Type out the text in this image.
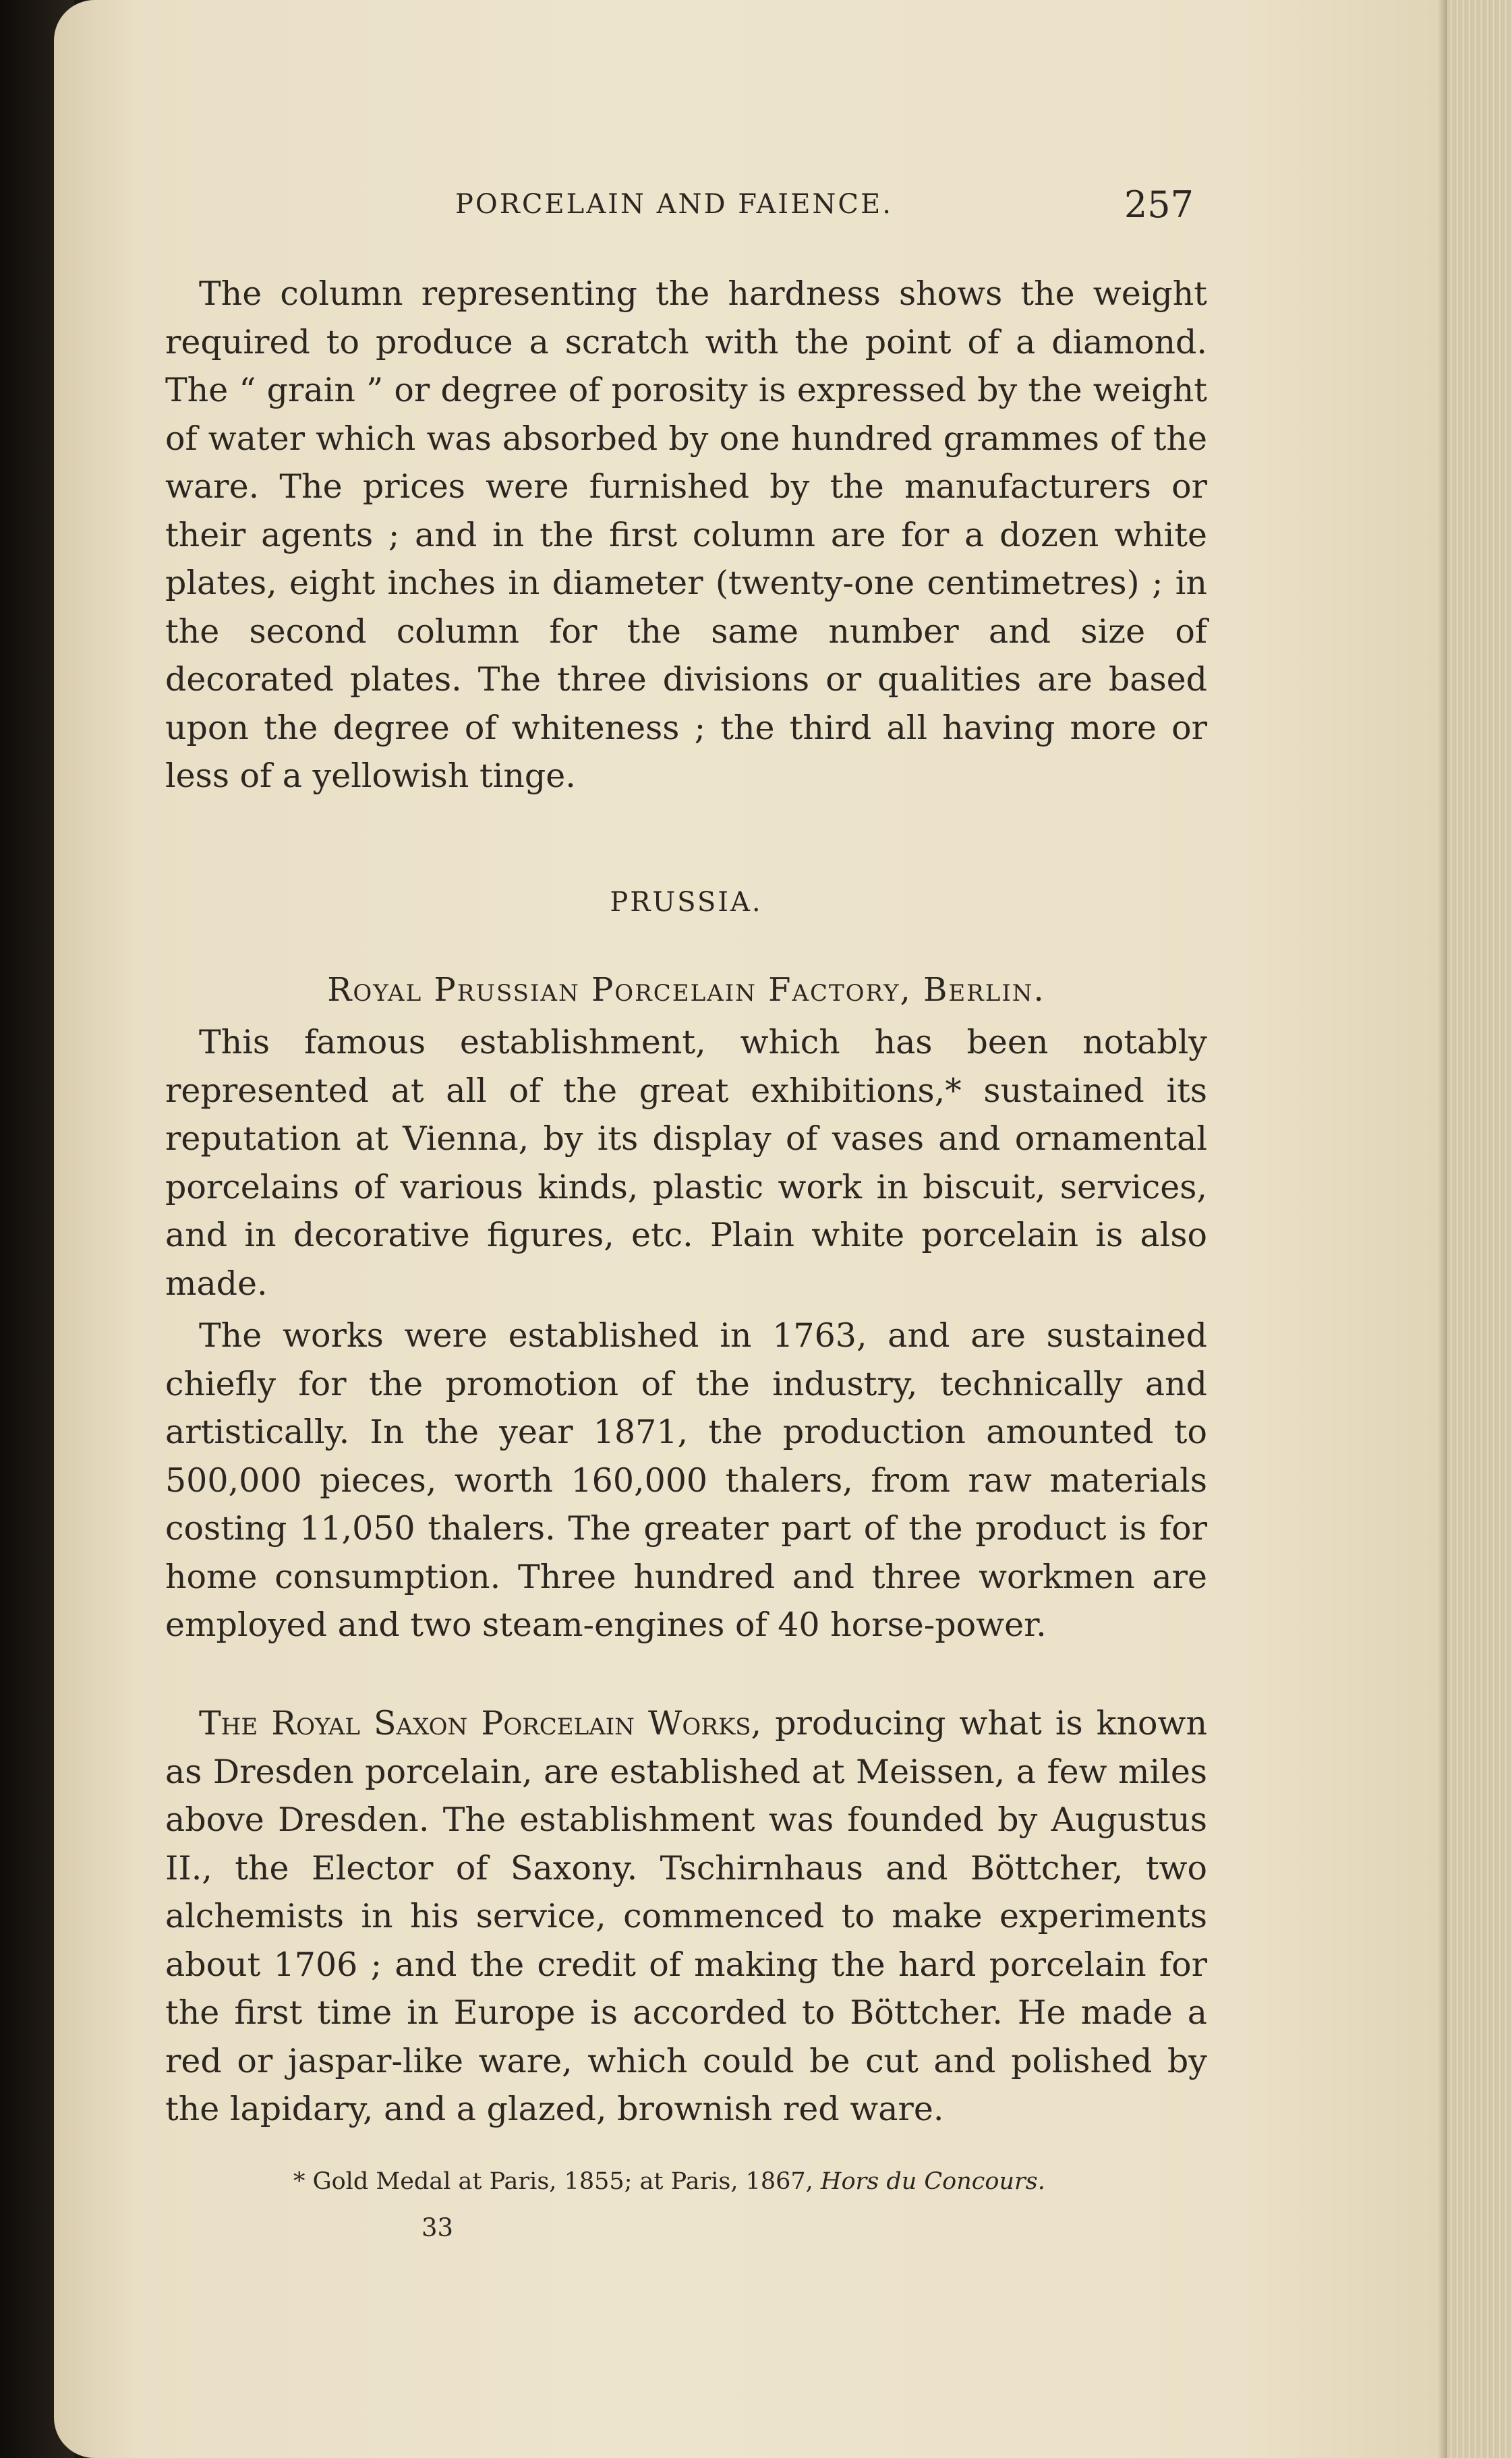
PORCELAIN AND FAIENCE.	257

The column representing the hardness shows the weight required to produce a scratch with the point of a diamond. The “ grain ” or degree of porosity is expressed by the weight of water which was absorbed by one hundred grammes of the ware. The prices were furnished by the manufacturers or their agents ; and in the first column are for a dozen white plates, eight inches in diameter (twenty-one centimetres) ; in the second column for the same number and size of decorated plates. The three divisions or qualities are based upon the degree of whiteness ; the third all having more or less of a yellowish tinge.

PRUSSIA.
Royal Prussian Porcelain Factory, Berlin.

This famous establishment, which has been notably represented at all of the great exhibitions,* sustained its reputation at Vienna, by its display of vases and ornamental porcelains of various kinds, plastic work in biscuit, services, and in decorative figures, etc. Plain white porcelain is also made.

The works were established in 1763, and are sustained chiefly for the promotion of the industry, technically and artistically. In the year 1871, the production amounted to 500,000 pieces, worth 160,000 thalers, from raw materials costing 11,050 thalers. The greater part of the product is for home consumption. Three hundred and three workmen are employed and two steam-engines of 40 horse-power.

The Royal Saxon Porcelain Works, producing what is known as Dresden porcelain, are established at Meissen, a few miles above Dresden. The establishment was founded by Augustus II., the Elector of Saxony. Tschirnhaus and Böttcher, two alchemists in his service, commenced to make experiments about 1706 ; and the credit of making the hard porcelain for the first time in Europe is accorded to Böttcher. He made a red or jaspar-like ware, which could be cut and polished by the lapidary, and a glazed, brownish red ware.

* Gold Medal at Paris, 1855; at Paris, 1867, Hors du Concours.
33
